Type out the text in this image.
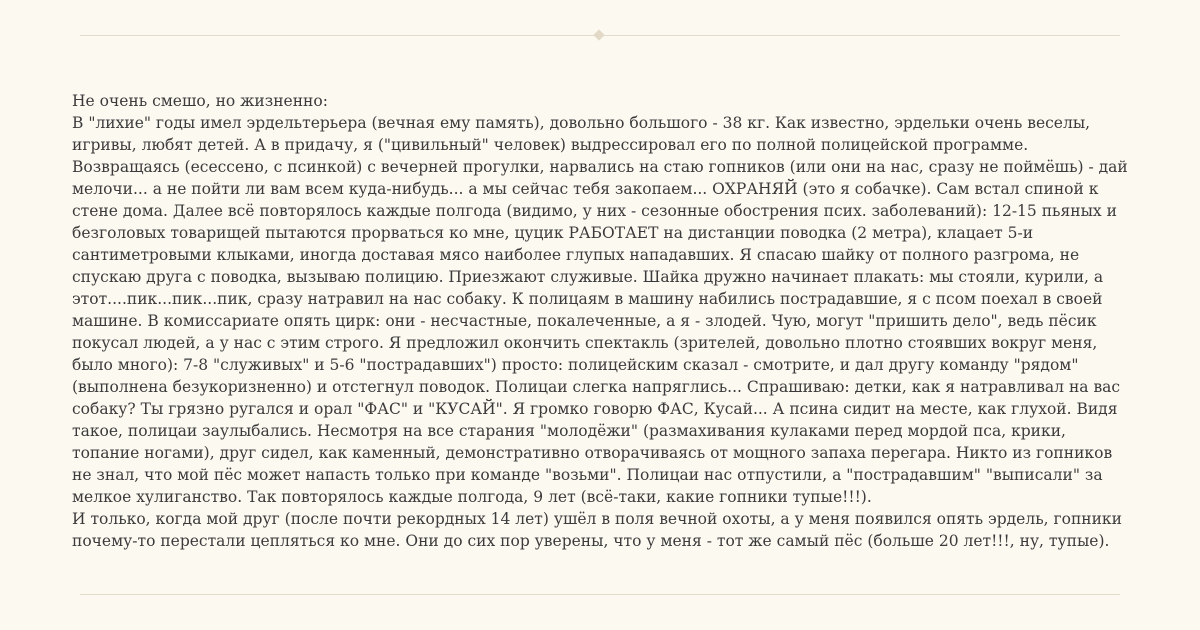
Не очень смешо, но жизненно:

В "лихие" годы имел эрдельтерьера (вечная ему память), довольно большого - 38 кг. Как известно, эрдельки очень веселы, игривы, любят детей. А в придачу, я ("цивильный" человек) выдрессировал его по полной полицейской программе. Возвращаясь (есессено, с псинкой) с вечерней прогулки, нарвались на стаю гопников (или они на нас, сразу не поймёшь) - дай мелочи... а не пойти ли вам всем куда-нибудь... а мы сейчас тебя закопаем... ОХРАНЯЙ (это я собачке). Сам встал спиной к стене дома. Далее всё повторялось каждые полгода (видимо, у них - сезонные обострения псих. заболеваний): 12-15 пьяных и безголовых товарищей пытаются прорваться ко мне, цуцик РАБОТАЕТ на дистанции поводка (2 метра), клацает 5-и сантиметровыми клыками, иногда доставая мясо наиболее глупых нападавших. Я спасаю шайку от полного разгрома, не спускаю друга с поводка, вызываю полицию. Приезжают служивые. Шайка дружно начинает плакать: мы стояли, курили, а этот....пик...пик...пик, сразу натравил на нас собаку. К полицаям в машину набились пострадавшие, я с псом поехал в своей машине. В комиссариате опять цирк: они - несчастные, покалеченные, а я - злодей. Чую, могут "пришить дело", ведь пёсик покусал людей, а у нас с этим строго. Я предложил окончить спектакль (зрителей, довольно плотно стоявших вокруг меня, было много): 7-8 "служивых" и 5-6 "пострадавших") просто: полицейским сказал - смотрите, и дал другу команду "рядом" (выполнена безукоризненно) и отстегнул поводок. Полицаи слегка напряглись... Спрашиваю: детки, как я натравливал на вас собаку? Ты грязно ругался и орал "ФАС" и "КУСАЙ". Я громко говорю ФАС, Кусай... А псина сидит на месте, как глухой. Видя такое, полицаи заулыбались. Несмотря на все старания "молодёжи" (размахивания кулаками перед мордой пса, крики, топание ногами), друг сидел, как каменный, демонстративно отворачиваясь от мощного запаха перегара. Никто из гопников не знал, что мой пёс может напасть только при команде "возьми". Полицаи нас отпустили, а "пострадавшим" "выписали" за мелкое хулиганство. Так повторялось каждые полгода, 9 лет (всё-таки, какие гопники тупые!!!).

И только, когда мой друг (после почти рекордных 14 лет) ушёл в поля вечной охоты, а у меня появился опять эрдель, гопники почему-то перестали цепляться ко мне. Они до сих пор уверены, что у меня - тот же самый пёс (больше 20 лет!!!, ну, тупые).
